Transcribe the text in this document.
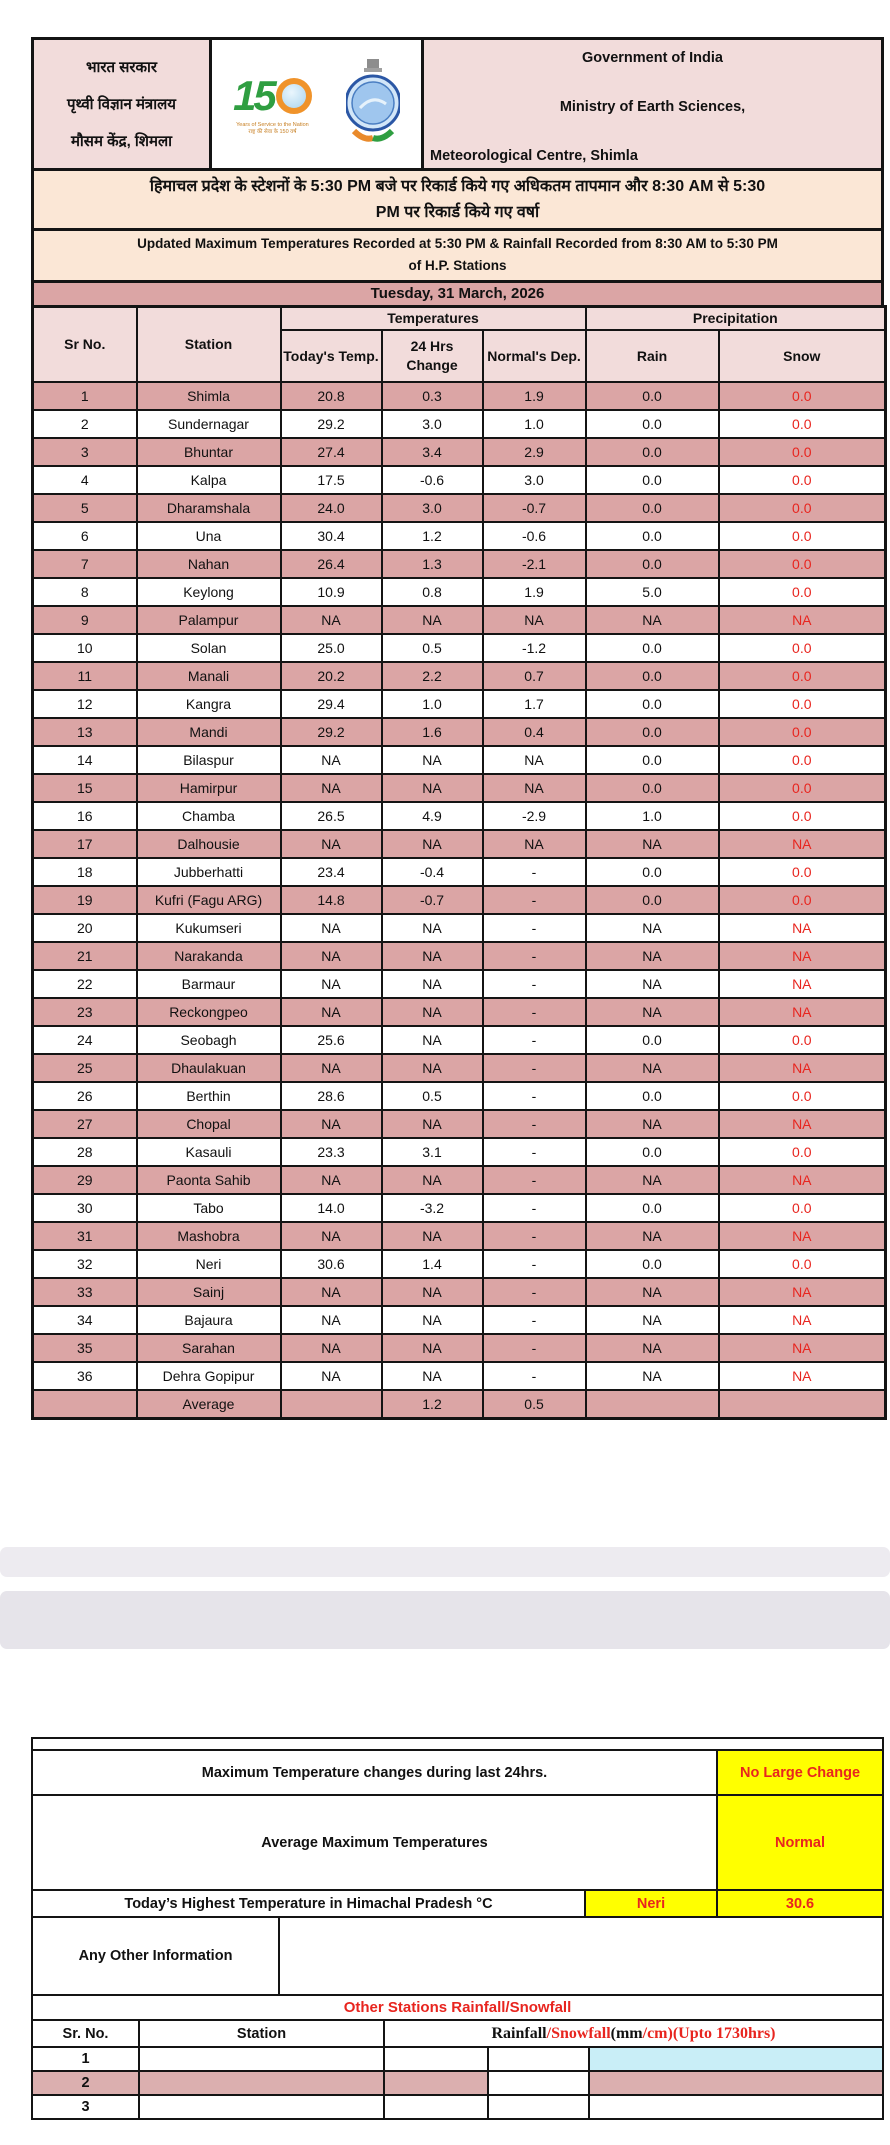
भारत सरकार
पृथ्वी विज्ञान मंत्रालय
मौसम केंद्र, शिमला
15
Years of Service to the Nation
राष्ट्र की सेवा के 150 वर्ष
Government of India
Ministry of Earth Sciences,
Meteorological Centre, Shimla
हिमाचल प्रदेश के स्टेशनों के 5:30 PM बजे पर रिकार्ड किये गए अधिकतम तापमान और 8:30 AM से 5:30
PM पर रिकार्ड किये गए वर्षा
Updated Maximum Temperatures Recorded at 5:30 PM & Rainfall Recorded from 8:30 AM to 5:30 PM
of H.P. Stations
Tuesday, 31 March, 2026
Sr No.	Station	Temperatures			Precipitation	
		Today's Temp.	24 Hrs Change	Normal's Dep.	Rain	Snow
1	Shimla	20.8	0.3	1.9	0.0	0.0
2	Sundernagar	29.2	3.0	1.0	0.0	0.0
3	Bhuntar	27.4	3.4	2.9	0.0	0.0
4	Kalpa	17.5	-0.6	3.0	0.0	0.0
5	Dharamshala	24.0	3.0	-0.7	0.0	0.0
6	Una	30.4	1.2	-0.6	0.0	0.0
7	Nahan	26.4	1.3	-2.1	0.0	0.0
8	Keylong	10.9	0.8	1.9	5.0	0.0
9	Palampur	NA	NA	NA	NA	NA
10	Solan	25.0	0.5	-1.2	0.0	0.0
11	Manali	20.2	2.2	0.7	0.0	0.0
12	Kangra	29.4	1.0	1.7	0.0	0.0
13	Mandi	29.2	1.6	0.4	0.0	0.0
14	Bilaspur	NA	NA	NA	0.0	0.0
15	Hamirpur	NA	NA	NA	0.0	0.0
16	Chamba	26.5	4.9	-2.9	1.0	0.0
17	Dalhousie	NA	NA	NA	NA	NA
18	Jubberhatti	23.4	-0.4	-	0.0	0.0
19	Kufri (Fagu ARG)	14.8	-0.7	-	0.0	0.0
20	Kukumseri	NA	NA	-	NA	NA
21	Narakanda	NA	NA	-	NA	NA
22	Barmaur	NA	NA	-	NA	NA
23	Reckongpeo	NA	NA	-	NA	NA
24	Seobagh	25.6	NA	-	0.0	0.0
25	Dhaulakuan	NA	NA	-	NA	NA
26	Berthin	28.6	0.5	-	0.0	0.0
27	Chopal	NA	NA	-	NA	NA
28	Kasauli	23.3	3.1	-	0.0	0.0
29	Paonta Sahib	NA	NA	-	NA	NA
30	Tabo	14.0	-3.2	-	0.0	0.0
31	Mashobra	NA	NA	-	NA	NA
32	Neri	30.6	1.4	-	0.0	0.0
33	Sainj	NA	NA	-	NA	NA
34	Bajaura	NA	NA	-	NA	NA
35	Sarahan	NA	NA	-	NA	NA
36	Dehra Gopipur	NA	NA	-	NA	NA
	Average		1.2	0.5		
Maximum Temperature changes during last 24hrs.	No Large Change
Average Maximum Temperatures	Normal
Today’s Highest Temperature in Himachal Pradesh °C	Neri	30.6
Any Other Information
Other Stations Rainfall/Snowfall
Sr. No.	Station	Rainfall /Snowfall (mm /cm) (Upto 1730hrs)
1
2
3
